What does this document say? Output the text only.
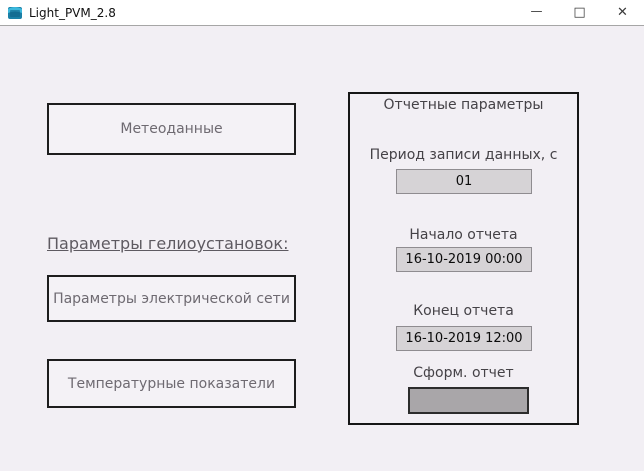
Light_PVM_2.8	— □ ✕
Метеоданные
Параметры гелиоустановок:
Параметры электрической сети
Температурные показатели
Отчетные параметры
Период записи данных, с
01
Начало отчета
16-10-2019 00:00
Конец отчета
16-10-2019 12:00
Сформ. отчет
